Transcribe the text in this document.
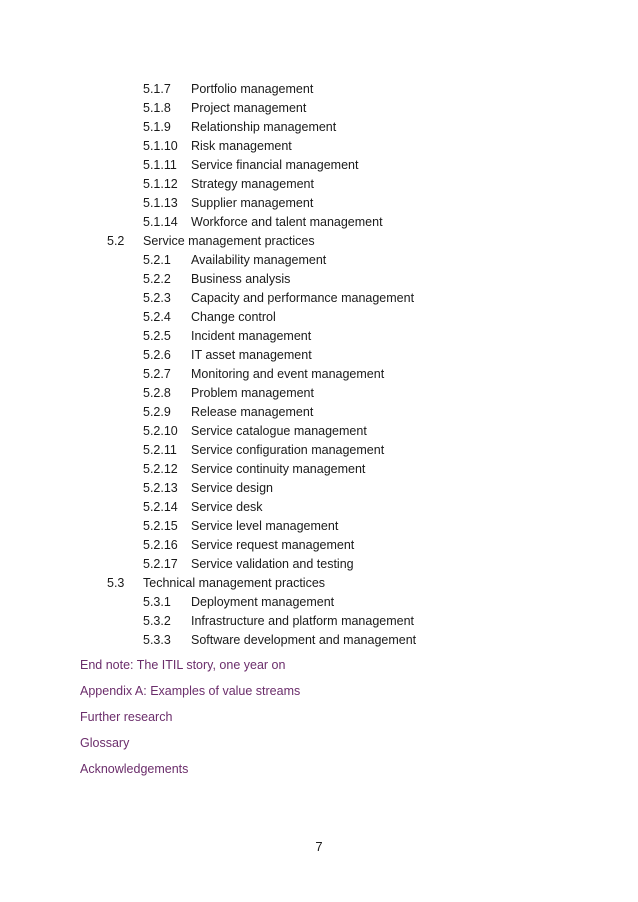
5.1.7 Portfolio management
5.1.8 Project management
5.1.9 Relationship management
5.1.10 Risk management
5.1.11 Service financial management
5.1.12 Strategy management
5.1.13 Supplier management
5.1.14 Workforce and talent management
5.2 Service management practices
5.2.1 Availability management
5.2.2 Business analysis
5.2.3 Capacity and performance management
5.2.4 Change control
5.2.5 Incident management
5.2.6 IT asset management
5.2.7 Monitoring and event management
5.2.8 Problem management
5.2.9 Release management
5.2.10 Service catalogue management
5.2.11 Service configuration management
5.2.12 Service continuity management
5.2.13 Service design
5.2.14 Service desk
5.2.15 Service level management
5.2.16 Service request management
5.2.17 Service validation and testing
5.3 Technical management practices
5.3.1 Deployment management
5.3.2 Infrastructure and platform management
5.3.3 Software development and management
End note: The ITIL story, one year on
Appendix A: Examples of value streams
Further research
Glossary
Acknowledgements
7
